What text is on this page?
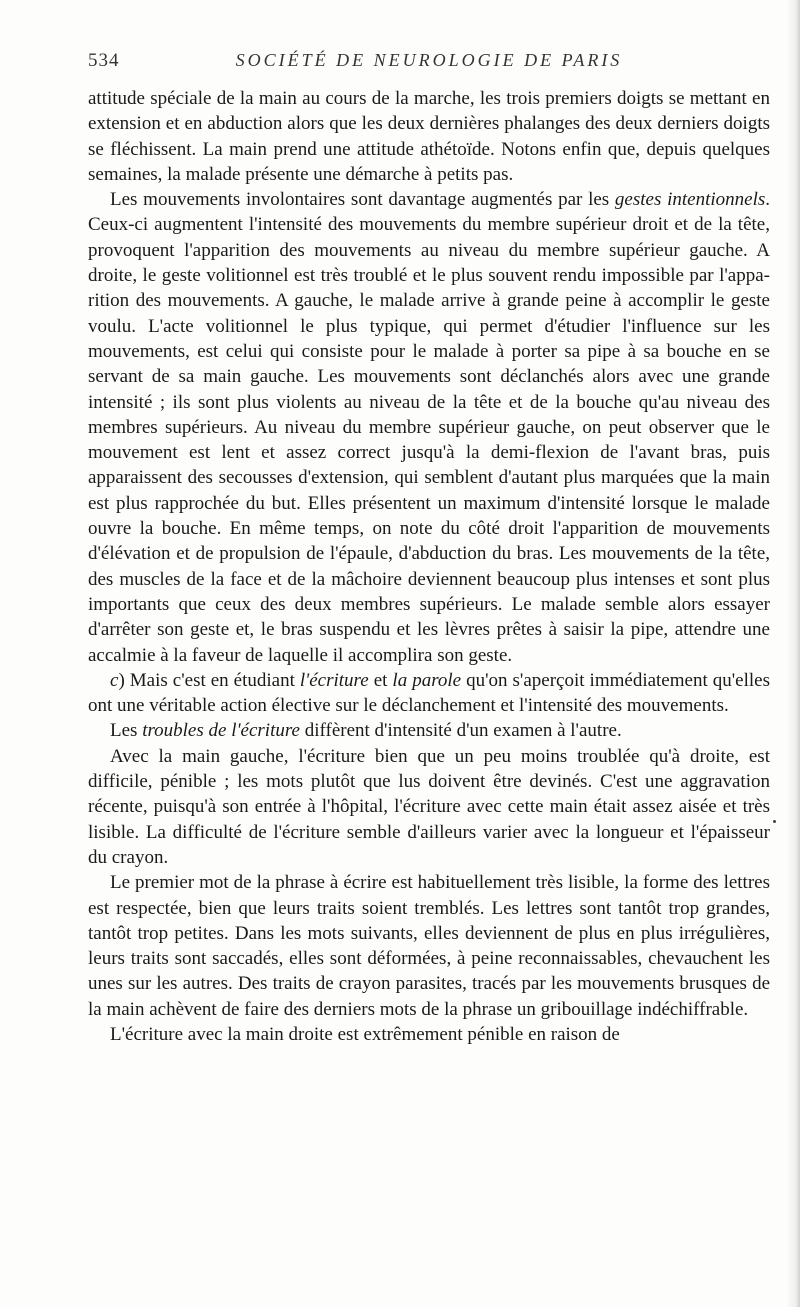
534	SOCIÉTÉ DE NEUROLOGIE DE PARIS

attitude spéciale de la main au cours de la marche, les trois premiers doigts se mettant en extension et en abduction alors que les deux dernières phalanges des deux derniers doigts se fléchissent. La main prend une attitude athétoïde. Notons enfin que, depuis quelques semaines, la malade présente une démarche à petits pas.

Les mouvements involontaires sont davantage augmentés par les gestes intentionnels. Ceux-ci augmentent l'intensité des mouvements du membre supérieur droit et de la tête, provoquent l'apparition des mouvements au niveau du membre supérieur gauche. A droite, le geste volitionnel est très troublé et le plus souvent rendu impossible par l'apparition des mouvements. A gauche, le malade arrive à grande peine à accomplir le geste voulu. L'acte volitionnel le plus typique, qui permet d'étudier l'influence sur les mouvements, est celui qui consiste pour le malade à porter sa pipe à sa bouche en se servant de sa main gauche. Les mouvements sont déclanchés alors avec une grande intensité ; ils sont plus violents au niveau de la tête et de la bouche qu'au niveau des membres supérieurs. Au niveau du membre supérieur gauche, on peut observer que le mouvement est lent et assez correct jusqu'à la demi-flexion de l'avant bras, puis apparaissent des secousses d'extension, qui semblent d'autant plus marquées que la main est plus rapprochée du but. Elles présentent un maximum d'intensité lorsque le malade ouvre la bouche. En même temps, on note du côté droit l'apparition de mouvements d'élévation et de propulsion de l'épaule, d'abduction du bras. Les mouvements de la tête, des muscles de la face et de la mâchoire deviennent beaucoup plus intenses et sont plus importants que ceux des deux membres supérieurs. Le malade semble alors essayer d'arrêter son geste et, le bras suspendu et les lèvres prêtes à saisir la pipe, attendre une accalmie à la faveur de laquelle il accomplira son geste.

c) Mais c'est en étudiant l'écriture et la parole qu'on s'aperçoit immédiatement qu'elles ont une véritable action élective sur le déclanchement et l'intensité des mouvements.

Les troubles de l'écriture diffèrent d'intensité d'un examen à l'autre.

Avec la main gauche, l'écriture bien que un peu moins troublée qu'à droite, est difficile, pénible ; les mots plutôt que lus doivent être devinés. C'est une aggravation récente, puisqu'à son entrée à l'hôpital, l'écriture avec cette main était assez aisée et très lisible. La difficulté de l'écriture semble d'ailleurs varier avec la longueur et l'épaisseur du crayon.

Le premier mot de la phrase à écrire est habituellement très lisible, la forme des lettres est respectée, bien que leurs traits soient tremblés. Les lettres sont tantôt trop grandes, tantôt trop petites. Dans les mots suivants, elles deviennent de plus en plus irrégulières, leurs traits sont saccadés, elles sont déformées, à peine reconnaissables, chevauchent les unes sur les autres. Des traits de crayon parasites, tracés par les mouvements brusques de la main achèvent de faire des derniers mots de la phrase un gribouillage indéchiffrable.

L'écriture avec la main droite est extrêmement pénible en raison de
